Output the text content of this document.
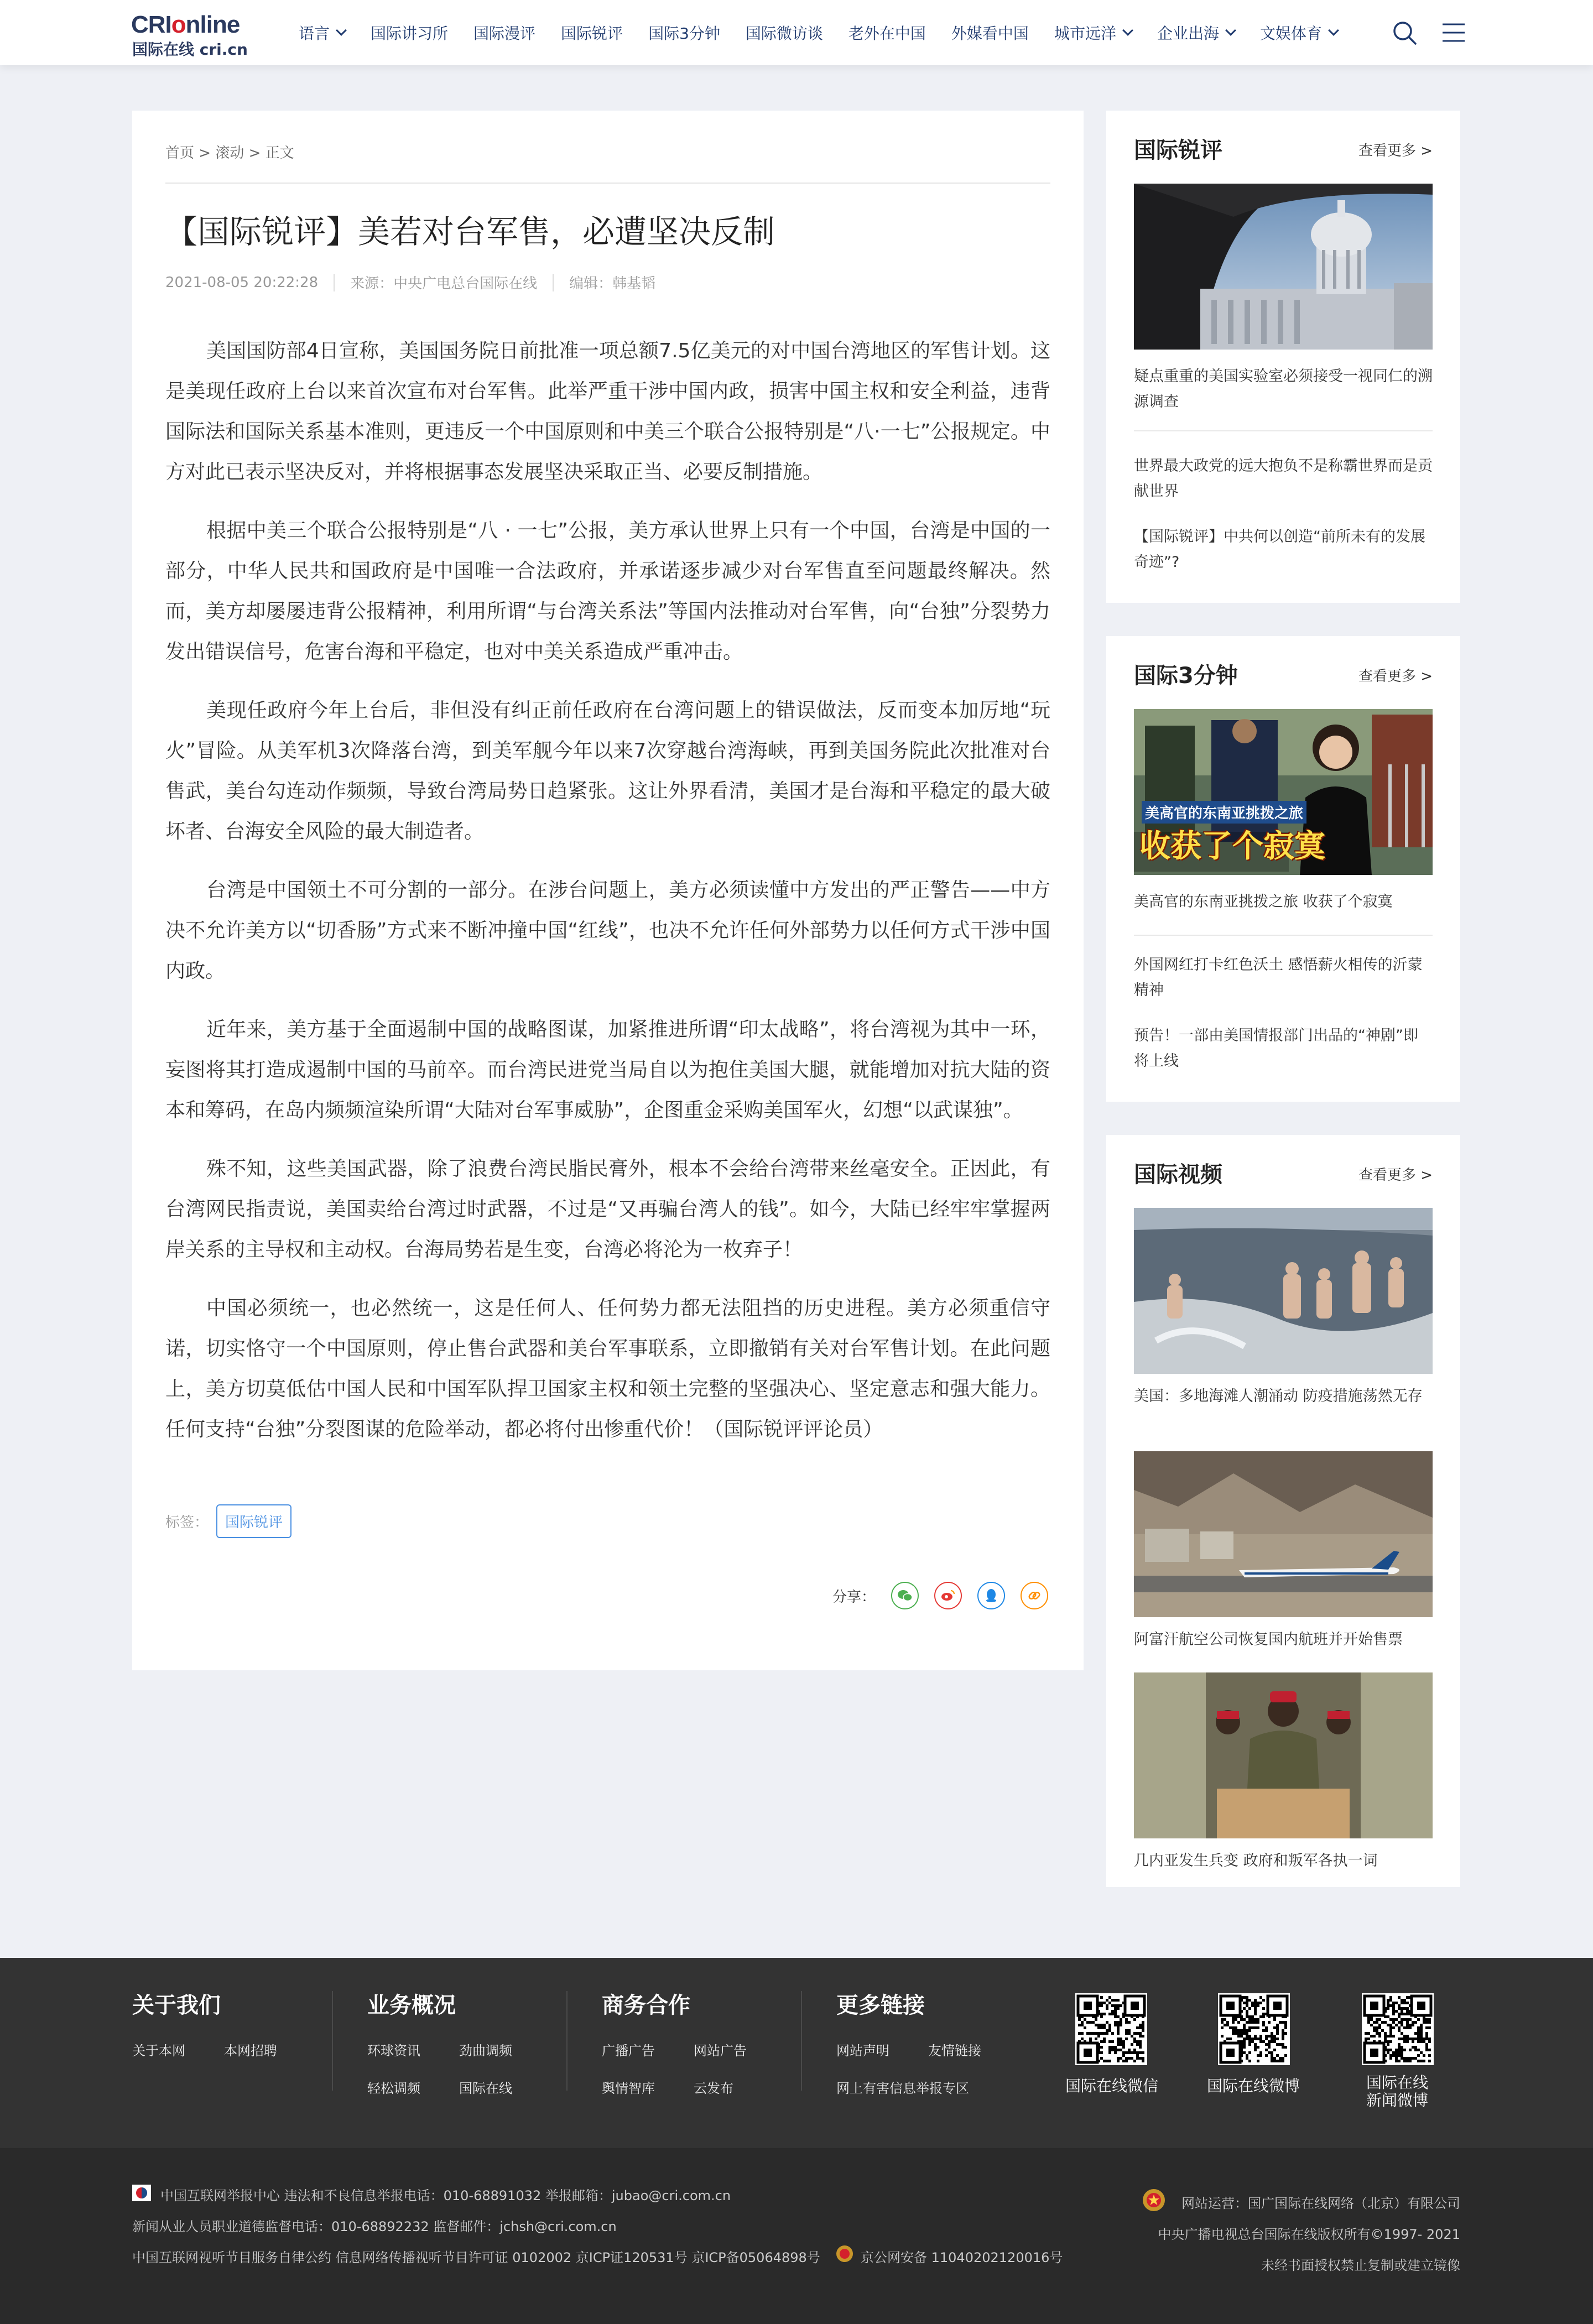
CRIonline
国际在线 cri.cn
语言	国际讲习所 国际漫评 国际锐评 国际3分钟 国际微访谈 老外在中国 外媒看中国 城市远洋	企业出海	文娱体育
首页 > 滚动 > 正文
【国际锐评】美若对台军售，必遭坚决反制
2021-08-05 20:22:28 来源：中央广电总台国际在线 编辑：韩基韬

美国国防部4日宣称，美国国务院日前批准一项总额7.5亿美元的对中国台湾地区的军售计划。这是美现任政府上台以来首次宣布对台军售。此举严重干涉中国内政，损害中国主权和安全利益，违背国际法和国际关系基本准则，更违反一个中国原则和中美三个联合公报特别是“八·一七”公报规定。中方对此已表示坚决反对，并将根据事态发展坚决采取正当、必要反制措施。

根据中美三个联合公报特别是“八 · 一七”公报，美方承认世界上只有一个中国，台湾是中国的一部分，中华人民共和国政府是中国唯一合法政府，并承诺逐步减少对台军售直至问题最终解决。然而，美方却屡屡违背公报精神，利用所谓“与台湾关系法”等国内法推动对台军售，向“台独”分裂势力发出错误信号，危害台海和平稳定，也对中美关系造成严重冲击。

美现任政府今年上台后，非但没有纠正前任政府在台湾问题上的错误做法，反而变本加厉地“玩火”冒险。从美军机3次降落台湾，到美军舰今年以来7次穿越台湾海峡，再到美国务院此次批准对台售武，美台勾连动作频频，导致台湾局势日趋紧张。这让外界看清，美国才是台海和平稳定的最大破坏者、台海安全风险的最大制造者。

台湾是中国领土不可分割的一部分。在涉台问题上，美方必须读懂中方发出的严正警告——中方决不允许美方以“切香肠”方式来不断冲撞中国“红线”，也决不允许任何外部势力以任何方式干涉中国内政。

近年来，美方基于全面遏制中国的战略图谋，加紧推进所谓“印太战略”，将台湾视为其中一环，妄图将其打造成遏制中国的马前卒。而台湾民进党当局自以为抱住美国大腿，就能增加对抗大陆的资本和筹码，在岛内频频渲染所谓“大陆对台军事威胁”，企图重金采购美国军火，幻想“以武谋独”。

殊不知，这些美国武器，除了浪费台湾民脂民膏外，根本不会给台湾带来丝毫安全。正因此，有台湾网民指责说，美国卖给台湾过时武器，不过是“又再骗台湾人的钱”。如今，大陆已经牢牢掌握两岸关系的主导权和主动权。台海局势若是生变，台湾必将沦为一枚弃子！

中国必须统一，也必然统一，这是任何人、任何势力都无法阻挡的历史进程。美方必须重信守诺，切实恪守一个中国原则，停止售台武器和美台军事联系，立即撤销有关对台军售计划。在此问题上，美方切莫低估中国人民和中国军队捍卫国家主权和领土完整的坚强决心、坚定意志和强大能力。任何支持“台独”分裂图谋的危险举动，都必将付出惨重代价！（国际锐评评论员）

标签：	国际锐评
分享：
国际锐评	查看更多 >
疑点重重的美国实验室必须接受一视同仁的溯源调查
世界最大政党的远大抱负不是称霸世界而是贡献世界
【国际锐评】中共何以创造“前所未有的发展奇迹”?
国际3分钟	查看更多 >
美高官的东南亚挑拨之旅
收获了个寂寞
美高官的东南亚挑拨之旅 收获了个寂寞
外国网红打卡红色沃土 感悟薪火相传的沂蒙精神
预告！一部由美国情报部门出品的“神剧”即将上线
国际视频	查看更多 >
美国：多地海滩人潮涌动 防疫措施荡然无存
阿富汗航空公司恢复国内航班并开始售票
几内亚发生兵变 政府和叛军各执一词
关于我们
关于本网	本网招聘
业务概况
环球资讯	劲曲调频
轻松调频	国际在线
商务合作
广播广告	网站广告
舆情智库	云发布
更多链接
网站声明	友情链接
网上有害信息举报专区	国际在线微信	国际在线微博	国际在线
新闻微博
中国互联网举报中心 违法和不良信息举报电话：010-68891032 举报邮箱：jubao@cri.com.cn
新闻从业人员职业道德监督电话：010-68892232 监督邮件：jchsh@cri.com.cn
中国互联网视听节目服务自律公约 信息网络传播视听节目许可证 0102002 京ICP证120531号 京ICP备05064898号	京公网安备 11040202120016号
网站运营：国广国际在线网络（北京）有限公司
中央广播电视总台国际在线版权所有©1997- 2021
未经书面授权禁止复制或建立镜像
